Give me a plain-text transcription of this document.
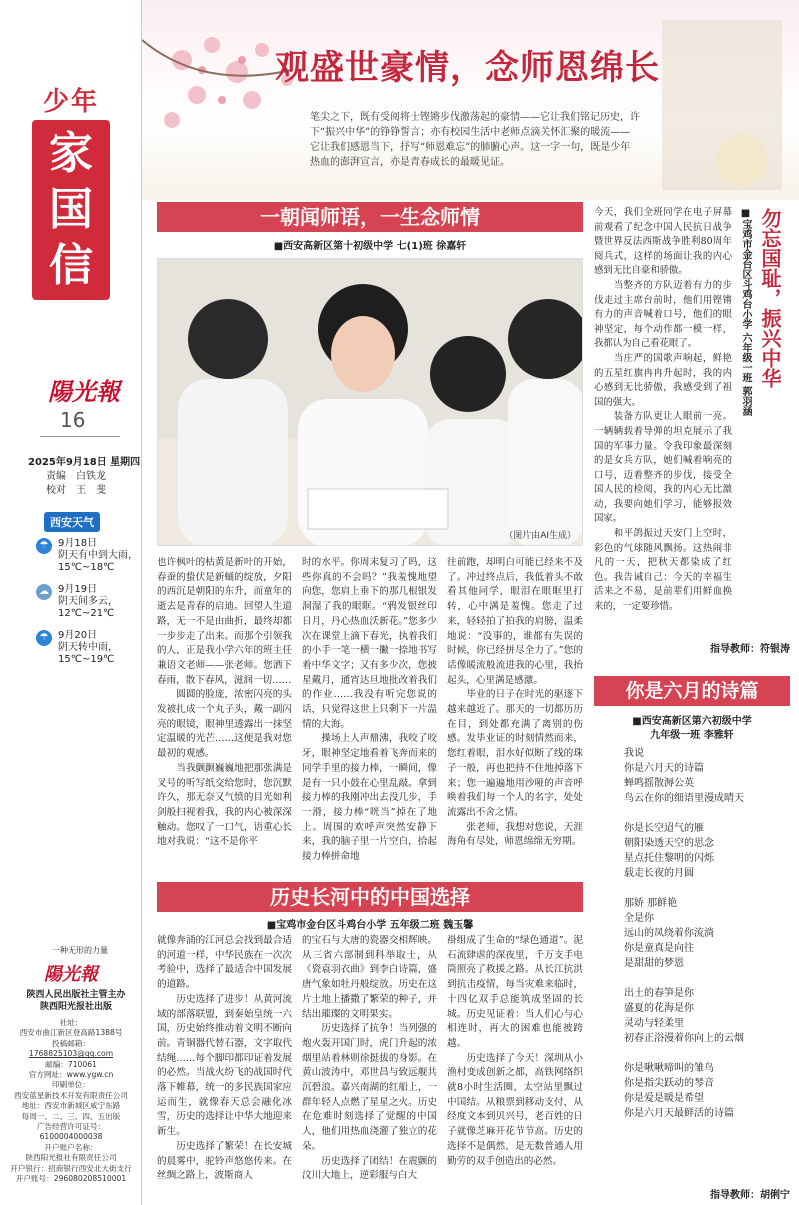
少年
家
国
信
陽光報
16
2025年9月18日 星期四
责编　白铁龙
校对　王　斐
西安天气
☂ 9月18日
阴天有中到大雨，
15℃~18℃
☁ 9月19日
阴天间多云，
12℃~21℃
☂ 9月20日
阴天转中雨，
15℃~19℃
一种无形的力量
陽光報
陕西人民出版社主管主办
陕西阳光报社出版
社址：
西安市曲江新区登高路1388号
投稿邮箱：
1768825103@qq.com
邮编：710061
官方网址：www.ygw.cn
印刷单位：
西安蓝星新技术开发有限责任公司
地址：西安市新城区咸宁东路
每周一、二、三、四、五出版
广告经营许可证号：
6100004000038
开户账户名称：
陕西阳光报社有限责任公司
开户银行：招商银行西安北大街支行
开户账号：296080208510001
观盛世豪情，念师恩绵长
笔尖之下，既有受阅将士铿锵步伐激荡起的豪情——它让我们铭记历史，许下“振兴中华”的铮铮誓言；亦有校园生活中老师点滴关怀汇聚的暖流——它让我们感恩当下，抒写“师恩难忘”的肺腑心声。这一字一句，既是少年热血的澎湃宣言，亦是青春成长的最暖见证。
一朝闻师语，一生念师情
■西安高新区第十初级中学 七(1)班 徐嘉轩
（图片由AI生成）
也许枫叶的枯黄是新叶的开始，春蚕的蛰伏是新蛹的绽放，夕阳的西沉是朝阳的东升，而童年的逝去是青春的启迪。回望人生道路，无一不是由曲折，最终却都一步步走了出来。而那个引领我的人，正是我小学六年的班主任兼语文老师——张老师。您洒下春雨，散下春风，滋润一切……
　　圆圆的脸庞，浓密闪亮的头发被扎成一个丸子头，戴一副闪亮的眼镜，眼神里透露出一抹坚定温暖的光芒……这便是我对您最初的观感。
　　当我颤颤巍巍地把那张满是叉号的听写纸交给您时，您沉默许久，那无奈又气愤的目光如利剑般扫视着我，我的内心被深深触动。您叹了一口气，语重心长地对我说：“这不是你平
时的水平。你周末复习了吗，这些你真的不会吗？”我羞愧地望向您，您肩上垂下的那几根银发洞湿了我的眼眶。“鸦发银丝印日月，丹心热血沃新花。”您多少次在课堂上滴下春光，执着我们的小手一笔一横一撇一捺地书写着中华文字；又有多少次，您披星戴月，通宵达旦地批改着我们的作业……我没有听完您说的话，只觉得这世上只剩下一片温情的大海。
　　操场上人声鼎沸，我咬了咬牙，眼神坚定地看着飞奔而来的同学手里的接力棒，一瞬间，像是有一只小鼓在心里乱敲。拿到接力棒的我刚冲出去没几步，手一滑，接力棒“咣当”掉在了地上。周围的欢呼声突然安静下来，我的脑子里一片空白，拾起接力棒拼命地
往前跑，却明白可能已经来不及了。冲过终点后，我低着头不敢看其他同学，眼泪在眼眶里打转，心中满是羞愧。您走了过来，轻轻拍了拍我的肩膀，温柔地说：“没事的，谁都有失误的时候，你已经拼尽全力了。”您的话像暖流般流进我的心里，我抬起头，心里满是感激。
　　毕业的日子在时光的驱逐下越来越近了。那天的一切都历历在目，到处都充满了离别的伤感。发毕业证的时刻情然而来，您红着眼，泪水好似断了线的珠子一般，再也把持不住地掉落下来；您一遍遍地用沙哑的声音呼唤着我们每一个人的名字，处处流露出不舍之情。
　　张老师，我想对您说，天涯海角有尽处，师恩绵绵无穷期。
历史长河中的中国选择
■宝鸡市金台区斗鸡台小学 五年级二班 魏玉馨
就像奔涌的江河总会找到最合适的河道一样，中华民族在一次次考验中，选择了最适合中国发展的道路。
　　历史选择了进步！从黄河流域的部落联盟，到秦始皇统一六国，历史始终推动着文明不断向前。青铜器代替石器，文字取代结绳……每个脚印都印证着发展的必然。当战火纷飞的战国时代落下帷幕，统一的多民族国家应运而生，就像春天总会融化冰雪，历史的选择让中华大地迎来新生。
　　历史选择了繁荣！在长安城的晨雾中，驼铃声悠悠传来。在丝绸之路上，波斯商人
的宝石与大唐的瓷器交相辉映。从三省六部制到科举取士，从《瓷袁羽衣曲》到李白诗篇，盛唐气象如牡丹般绽放。历史在这片土地上播撒了繁荣的种子，并结出璀璨的文明果实。
　　历史选择了抗争！当列强的炮火轰开国门时，虎门升起的浓烟里站着林则徐挺拔的身影。在黄山波涛中，邓世昌与致远舰共沉碧浪。嘉兴南湖的红船上，一群年轻人点燃了星星之火。历史在危难时刻选择了觉醒的中国人，他们用热血浇灌了独立的花朵。
　　历史选择了团结！在震颤的汶川大地上，逆彩服与白大
褂组成了生命的“绿色通道”。泥石流肆虐的深夜里，千万支手电筒照亮了救援之路。从长江抗洪到抗击疫情，每当灾难来临时，十四亿双手总能筑成坚固的长城。历史见证着：当人们心与心相连时，再大的困难也能被跨越。
　　历史选择了今天！深圳从小渔村变成创新之都，高铁网络织就8小时生活圈，太空站里飘过中国结。从粮票到移动支付，从经度文本到贝兴号，老百姓的日子就像芝麻开花节节高。历史的选择不是偶然，是无数普通人用勤劳的双手创造出的必然。
今天，我们全班同学在电子屏幕前观看了纪念中国人民抗日战争暨世界反法西斯战争胜利80周年阅兵式，这样的场面让我的内心感到无比自豪和骄傲。
　　当整齐的方队迈着有力的步伐走过主席台前时，他们用铿锵有力的声音喊着口号，他们的眼神坚定，每个动作都一模一样，我都认为自己看花眼了。
　　当庄严的国歌声响起，鲜艳的五星红旗冉冉升起时，我的内心感到无比骄傲，我感受到了祖国的强大。
　　装备方队更让人眼前一亮。一辆辆载着导弹的坦克展示了我国的军事力量。令我印象最深刻的是女兵方队，她们喊着响亮的口号，迈着整齐的步伐，接受全国人民的检阅，我的内心无比激动，我要向她们学习，能够报效国家。
　　和平鸽振过天安门上空时，彩色的气球随风飘扬。这热闹非凡的一天，把秋天都染成了红色。我告诫自己：今天的幸福生活来之不易，是前辈们用鲜血换来的，一定要珍惜。
■宝鸡市金台区斗鸡台小学 六年级一班 郭羽涵 勿忘国耻，振兴中华
指导教师：符银涛
你是六月的诗篇
■西安高新区第六初级中学
九年级一班 李雅轩
我说
你是六月天的诗篇
蝉鸣摇散溽公英
鸟云在你的细语里漫成晴天
你是长空迢气的雁
朝阳染透天空的思念
星点托住黎明的闪烁
载走长夜的月圆
那娇 那鲜艳
全是你
远山的凤绕着你流淌
你是童真是向往
是甜甜的梦恩
出土的春笋是你
盛夏的花海是你
灵动与轻柔里
初春正浴漫着你向上的云烟
你是啾啾啼叫的雏鸟
你是指尖跃动的琴音
你是爱是暖是希望
你是六月天最鲜活的诗篇
指导教师：胡俐宁
